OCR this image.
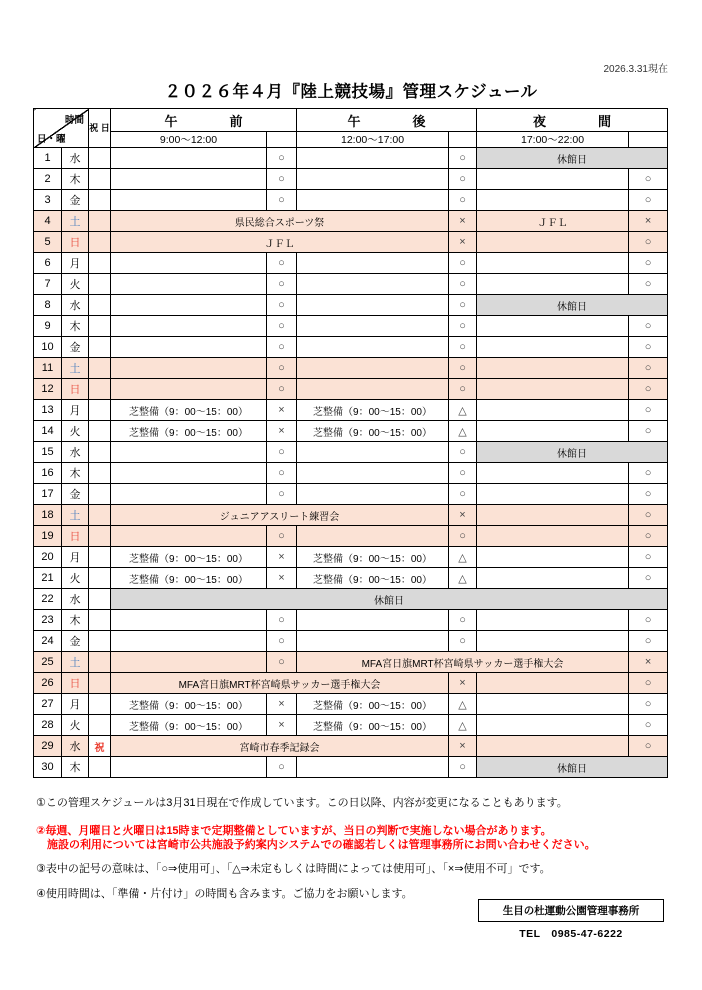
2026.3.31現在
２０２６年４月『陸上競技場』管理スケジュール
時間
日・曜		祝 日	午　　　　前		午　　　　後		夜　　　　間	
			9:00～12:00		12:00～17:00		17:00～22:00	
1	水			○		○	休館日	
2	木			○		○		○
3	金			○		○		○
4	土		県民総合スポーツ祭			×	ＪＦＬ	×
5	日		ＪＦＬ			×		○
6	月			○		○		○
7	火			○		○		○
8	水			○		○	休館日	
9	木			○		○		○
10	金			○		○		○
11	土			○		○		○
12	日			○		○		○
13	月		芝整備（9：00～15：00）	×	芝整備（9：00～15：00）	△		○
14	火		芝整備（9：00～15：00）	×	芝整備（9：00～15：00）	△		○
15	水			○		○	休館日	
16	木			○		○		○
17	金			○		○		○
18	土		ジュニアアスリート練習会			×		○
19	日			○		○		○
20	月		芝整備（9：00～15：00）	×	芝整備（9：00～15：00）	△		○
21	火		芝整備（9：00～15：00）	×	芝整備（9：00～15：00）	△		○
22	水		休館日					
23	木			○		○		○
24	金			○		○		○
25	土			○	MFA宮日旗MRT杯宮崎県サッカー選手権大会			×
26	日		MFA宮日旗MRT杯宮崎県サッカー選手権大会			×		○
27	月		芝整備（9：00～15：00）	×	芝整備（9：00～15：00）	△		○
28	火		芝整備（9：00～15：00）	×	芝整備（9：00～15：00）	△		○
29	水	祝	宮崎市春季記録会			×		○
30	木			○		○	休館日	

①この管理スケジュールは3月31日現在で作成しています。この日以降、内容が変更になることもあります。

②毎週、月曜日と火曜日は15時まで定期整備としていますが、当日の判断で実施しない場合があります。

　施設の利用については宮崎市公共施設予約案内システムでの確認若しくは管理事務所にお問い合わせください。

③表中の記号の意味は、「○⇒使用可」、「△⇒未定もしくは時間によっては使用可」、「×⇒使用不可」です。

④使用時間は、「準備・片付け」の時間も含みます。ご協力をお願いします。

生目の杜運動公園管理事務所
TEL　0985-47-6222
